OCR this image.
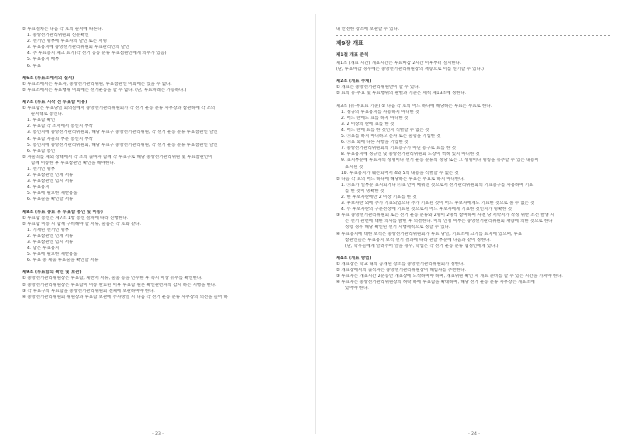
② 투표절차는 다음 각 호의 순서에 따른다.
1. 중앙선거관리위원회 신분확인
2. 선거인 명부에 투표자의 날인 또는 서명
3. 투표용지에 중앙선거관리위원회 투표관리인의 날인
4. 추 투표용지 체크 표기(각 선거 공동 분류 투표점원인에게 의무가 있음)
5. 투표용지 배부
6. 투표
제6조 (투표소에서의 질서)
① 투표소에서는 투표자, 중앙선거관리위원, 투표참관인 이외에는 있을 수 없다.
② 투표소에서는 투표행위 이외에는 선거운동을 할 수 없다. (단, 투표차례는 가능하다.)
제7조 (투표 시작 전 투표함 이용)
① 투표함은 투표당일 회의실에서 중앙선거관리위원회가 각 선거 운동 분류 사무장과 참관하에 각 조의
순서대로 봉인다.
1. 투표함 확인
2. 투표함 각 조서에서 봉인지 부착
3. 봉인지에 중앙선거관리위원회, 해당 투표구 중앙선거관리위원, 각 선거 운동 분류 투표참관인 날인
4. 투표함 자물쇠 부분 봉인지 부착
5. 봉인지에 중앙선거관리위원회, 해당 투표구 중앙선거관리위원, 각 선거 운동 분류 투표참관인 날인
6. 투표함 봉인
② 자물쇠를 제외 상태에서 각 조의 출마자 함께 각 투표구로 해당 중앙선거관리위원 및 투표참관인이
함께 이송한 후 투표참관인 확인을 해야한다.
1. 선거인 명부
2. 투표참관인 인계 서류
3. 투표참관인 임시 서류
4. 투표용지
5. 투표에 필요한 제반용품
6. 투표술을 확인할 서류
제8조 (투표 종료 후 투표함 봉인 및 이송)
① 투표함 봉인은 제7조 1항 봉인 절차에 따라 진행한다.
② 투표함 이송 시 함께 구비해야 할 서류, 물품은 각 호와 같다.
1. 기재된 선거인 명부
2. 투표참관인 인계 서류
3. 투표참관인 임시 서류
4. 남은 투표용지
5. 투표에 필요한 제반용품
6. 투표 중 제출 투표술을 확인할 서류
제9조 (투표함의 확인 및 보관)
① 중앙선거관리위원장은 투표함, 제반서 서류, 물품 등을 인수한 후 즉시 이상 유무를 확인한다.
② 중앙선거관리위원장은 투표함이 이송 완료된 이후 투표함 원본 확인관련자의 감시 하는 시행을 한다.
③ 각 투표구의 투표함을 중앙선거관리위원회 전체에 보관하여야 한다.
④ 중앙선거관리위원회 위원장과 투표함 보관에 주사방일 시 다음 각 선거 운동 분류 사무장의 의견을 들어 하
- 23 -
내 안전한 장소에 보관할 수 있다.
제9장 개표
제1절 개표 준칙
제1조 (개표 시간) 개표시간은 투표마감 2시간 이후부터 실시한다.
(단, 투표마감 경우에는 중앙선거관리위원장의 재량으로 이를 연기할 수 있다.)
제2조 (개표 주체)
① 개표는 중앙선거관리위원만이 할 수 있다.
② 표의 유·무효 및 투표행위의 판별과 기준은 세칙 제13조에 정한다.
제3조 (유·무효표 기준) ① 다음 각 호의 어느 하나에 해당하는 투표는 무효로 한다.
1. 정규의 투표용지를 사용하지 아니한 것
2. 어느 란에도 표를 하지 아니한 것
3. 2 이상의 란에 표를 한 것
4. 어느 란에 표를 한 것인지 식별할 수 없는 것
5. ⓞ표를 하지 아니하고 문자 또는 물형을 기입한 것
6. ⓞ표 외에 다른 사항을 기입한 것
7. 중앙선거관리위원회의 기표용구가 아닌 용구로 표를 한 것
8. 투표용지에 정규인 및 중앙선거관리위원회 도장이 찍혀 있지 아니한 것
9. 표지부분에 투표자의 성명이나 선거 운동 분류의 정당 또는 그 성명이나 명칭을 유추할 수 있는 내용이
표시된 것
10. 투표용지가 훼손되어서 4와 5의 내용을 식별할 수 없는 것
② 다음 각 호의 어느 하나에 해당하는 투표는 무효로 하지 아니한다.
1. ⓞ표가 일부분 표시되거나 ⓞ표 안이 메워진 것으로서 선거관리위원회의 기표용구를 사용하여 기표
를 한 것이 명확한 것
2. 한 후보자란에만 2 이상 기표를 한 것
3. 후보자란 외에 추가 기표되었으나 추가 기표된 것이 어느 후보자에게도 기표한 것으로 볼 수 없는 것
4. 두 후보자란의 구분선상에 기표된 것으로서 어느 후보자에게 기표한 것인지가 명확한 것
③ 투표 중앙선거관리위원회 또는 선거 운동 분류와 2명이 2명씩 참여하여 사전 당 서약서가 작성 위반 조건 발생 시
는 선거 관련에 대한 의사를 밝힌 후 의결한다. 이의 인정 여부는 중앙선거관리위원회 재량에 의한 것으로 한다
성령 경우 해당 확인된 선거 시행세칙으로 정할 수 있다.
④ 투표용지에 대한 보석은 중앙선거관리위원회가 투표 당일, 기표소에 크기를 표지에 있으며, 투표
참관인들은 투표용지 보석 선거 결과에 따라 관할 부분에 다음과 같이 정한다.
(단, 학우들에게 알려주어 알을 경우, 학업은 각 선거 운동 분류 협정인에게 있다.)
제4조 (개표 방법)
① 개표장은 학교 내의 공개된 장소를 중앙선거관리위원회가 정한다.
② 개표장에서의 출석자는 중앙선거관리위원장이 해임자를 추천한다.
③ 투표자는 개표시간 2분동안 개표장에 도착하여야 하며, 개표위원 확인 시 개표 준비를 할 수 있는 시간을 가져야 한다.
④ 투표자는 중앙선거관리위원장의 허락 하에 투표함을 확대하여, 해당 선거 운동 분류 사무장은 개표소에
있어야 한다.
- 24 -
